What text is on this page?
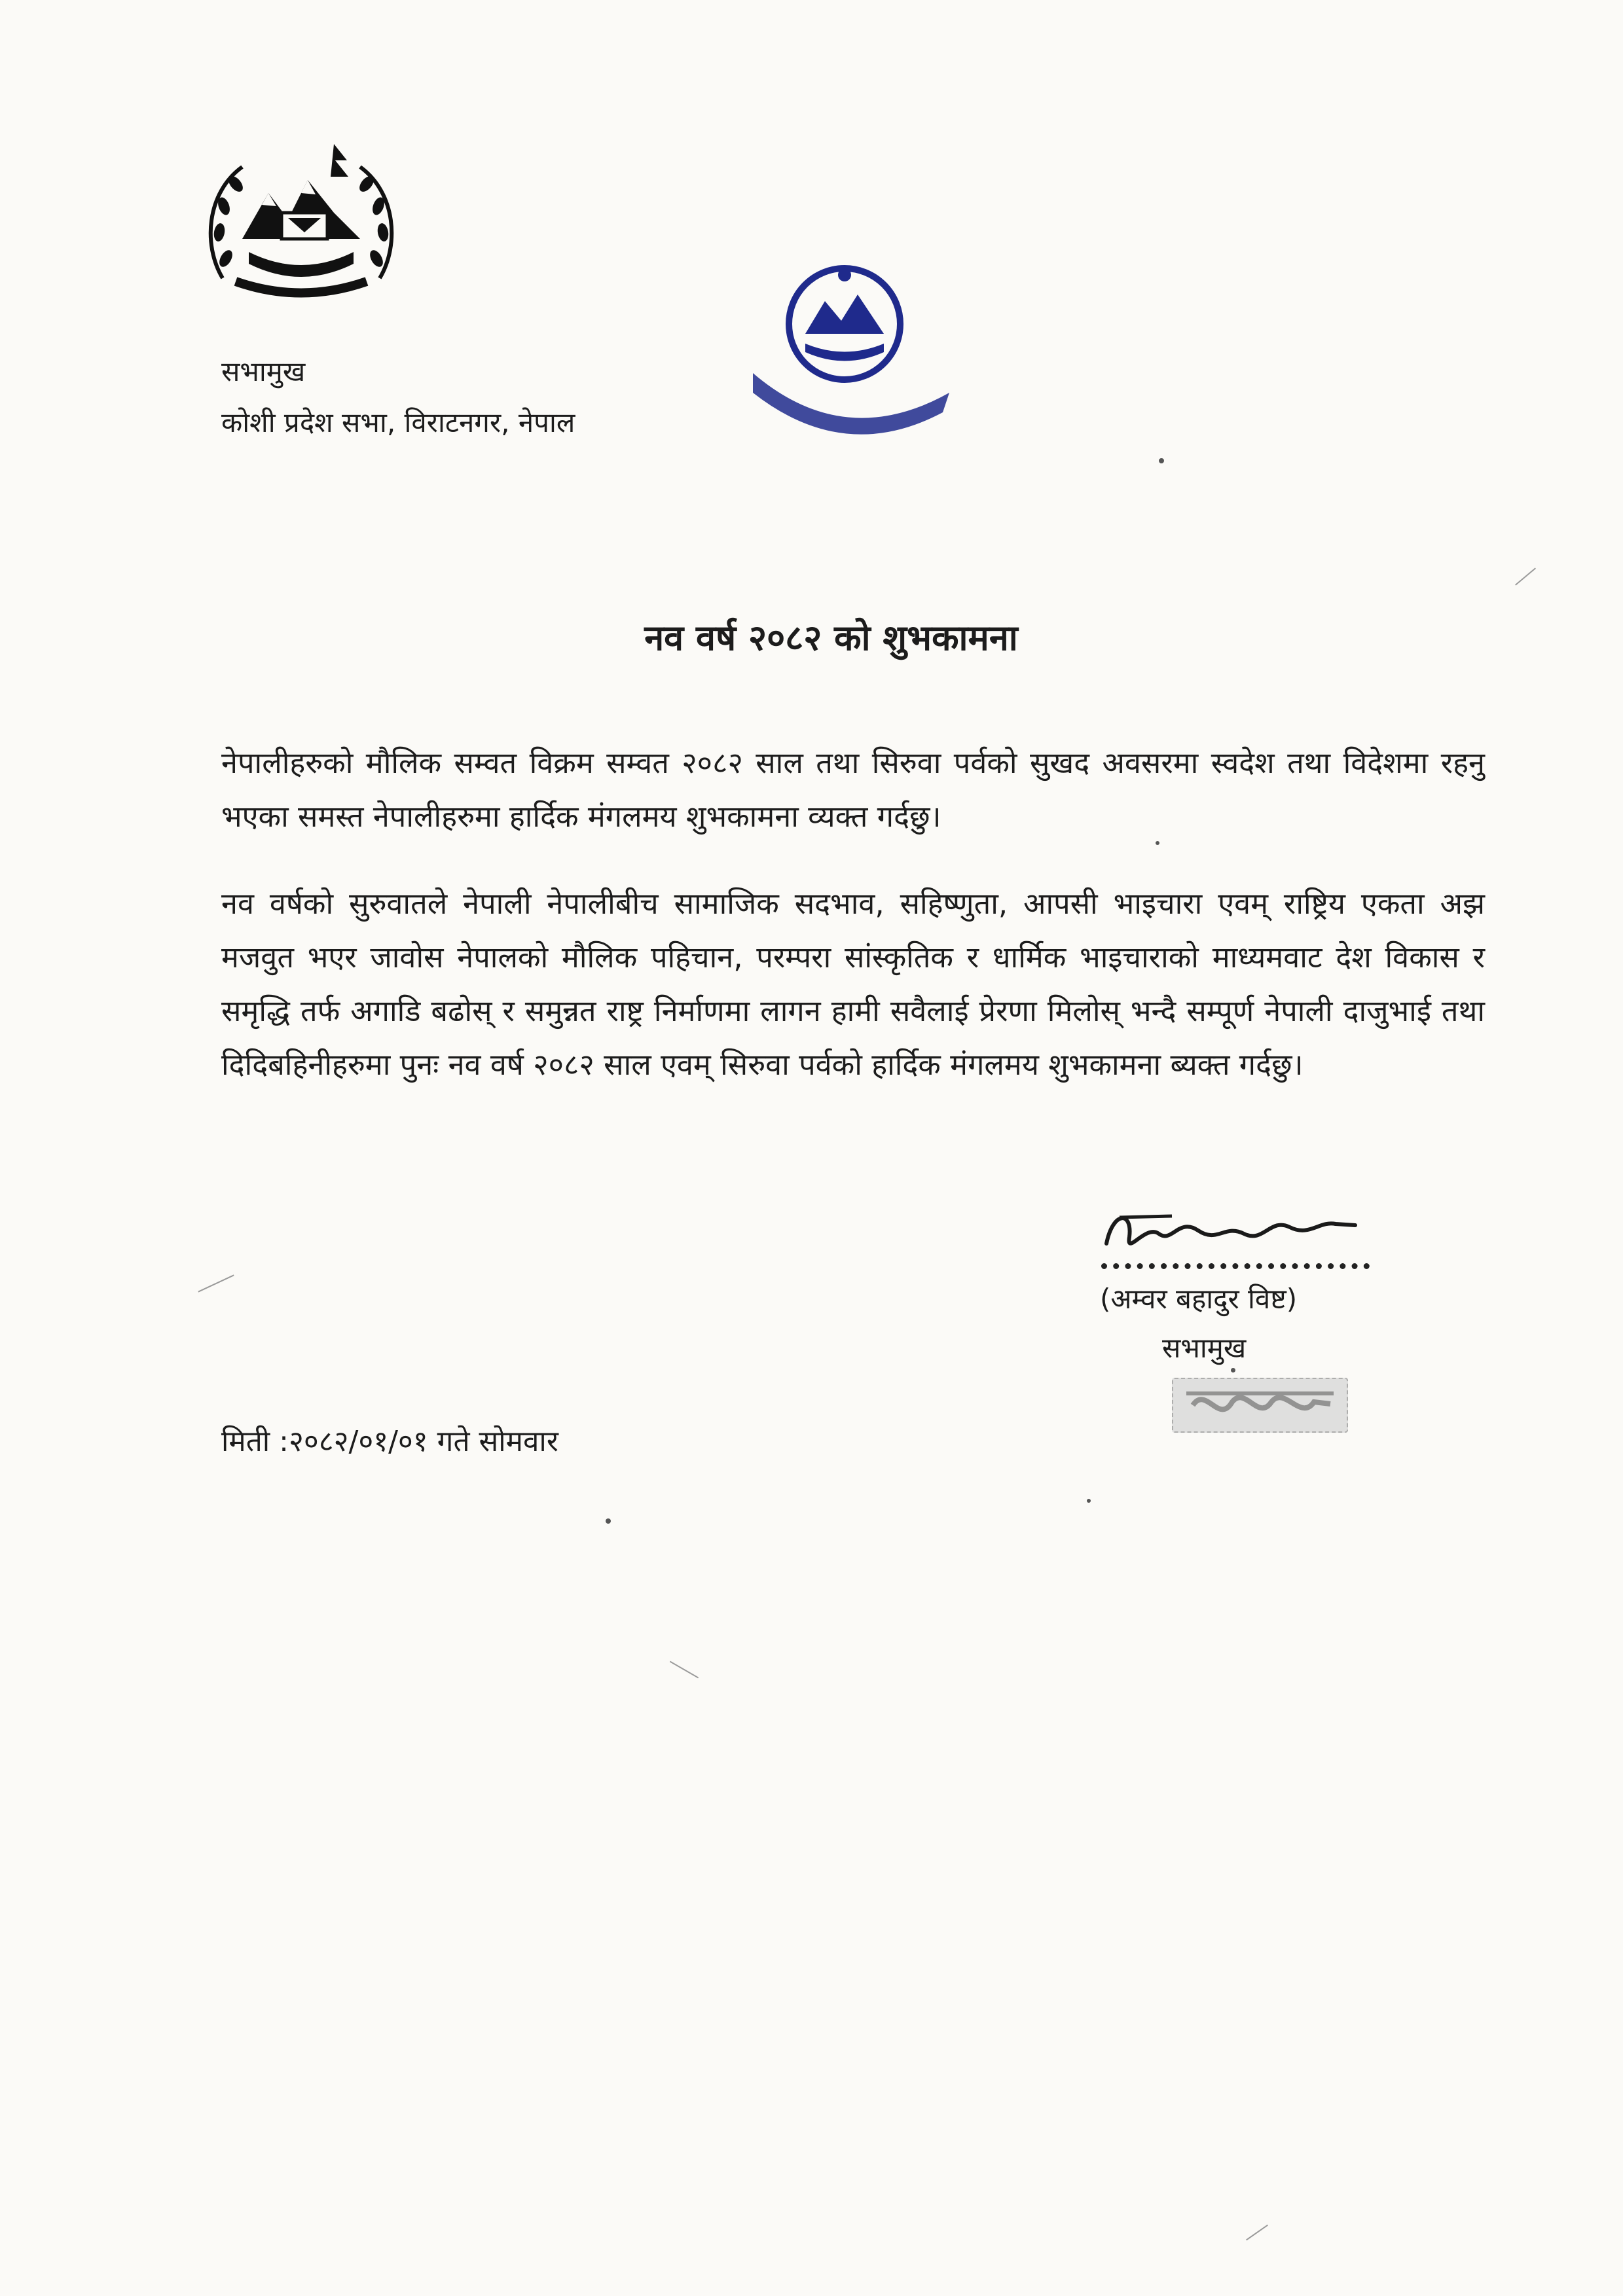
सभामुख
कोशी प्रदेश सभा, विराटनगर, नेपाल
नव वर्ष २०८२ को शुभकामना

नेपालीहरुको मौलिक सम्वत विक्रम सम्वत २०८२ साल तथा सिरुवा पर्वको सुखद अवसरमा स्वदेश तथा विदेशमा रहनु भएका समस्त नेपालीहरुमा हार्दिक मंगलमय शुभकामना व्यक्त गर्दछु।

नव वर्षको सुरुवातले नेपाली नेपालीबीच सामाजिक सदभाव, सहिष्णुता, आपसी भाइचारा एवम् राष्ट्रिय एकता अझ मजवुत भएर जावोस नेपालको मौलिक पहिचान, परम्परा सांस्कृतिक र धार्मिक भाइचाराको माध्यमवाट देश विकास र समृद्धि तर्फ अगाडि बढोस् र समुन्नत राष्ट्र निर्माणमा लागन हामी सवैलाई प्रेरणा मिलोस् भन्दै सम्पूर्ण नेपाली दाजुभाई तथा दिदिबहिनीहरुमा पुनः नव वर्ष २०८२ साल एवम् सिरुवा पर्वको हार्दिक मंगलमय शुभकामना ब्यक्त गर्दछु।

(अम्वर बहादुर विष्ट)
सभामुख
मिती :२०८२/०१/०१ गते सोमवार
